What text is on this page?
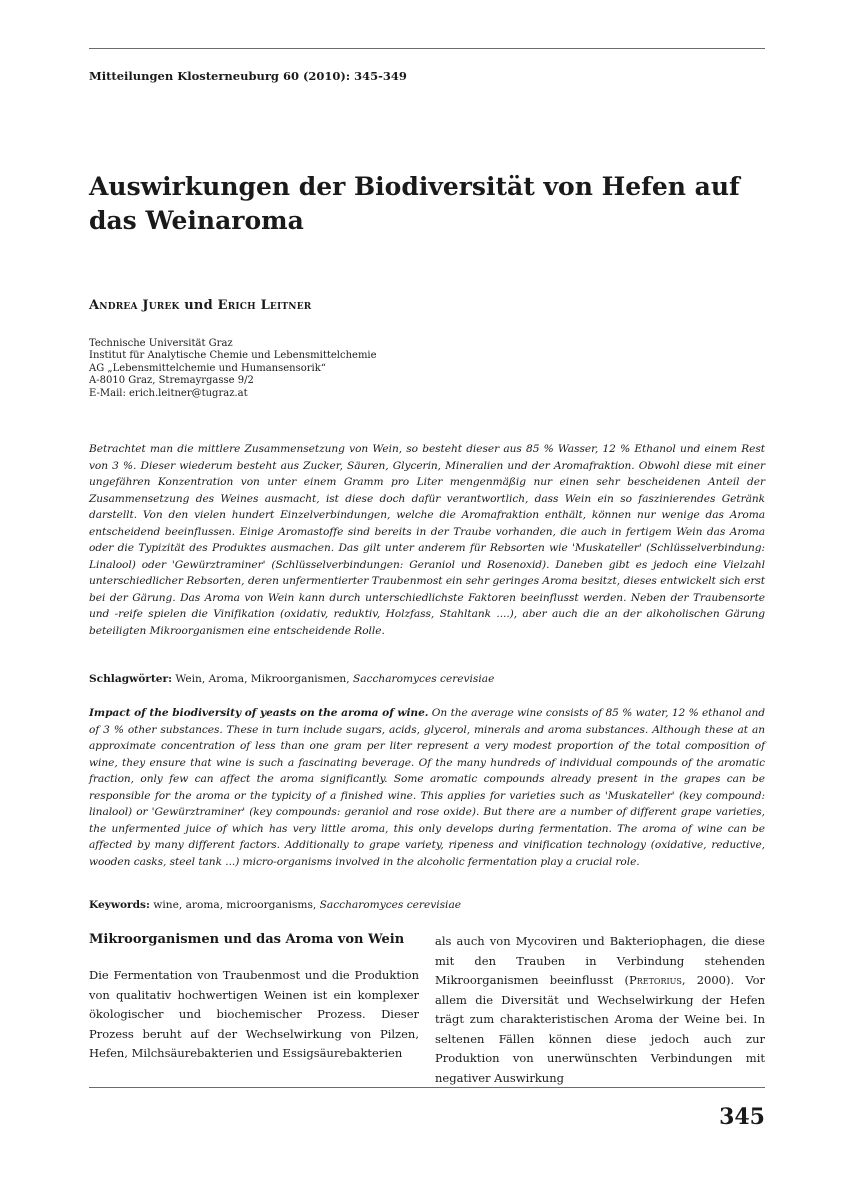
Mitteilungen Klosterneuburg 60 (2010): 345-349
Auswirkungen der Biodiversität von Hefen auf das Weinaroma
Andrea Jurek und Erich Leitner
Technische Universität Graz
Institut für Analytische Chemie und Lebensmittelchemie
AG „Lebensmittelchemie und Humansensorik“
A-8010 Graz, Stremayrgasse 9/2
E-Mail: erich.leitner@tugraz.at

Betrachtet man die mittlere Zusammensetzung von Wein, so besteht dieser aus 85 % Wasser, 12 % Ethanol und einem Rest von 3 %. Dieser wiederum besteht aus Zucker, Säuren, Glycerin, Mineralien und der Aromafraktion. Obwohl diese mit einer ungefähren Konzentration von unter einem Gramm pro Liter mengenmäßig nur einen sehr bescheidenen Anteil der Zusammensetzung des Weines ausmacht, ist diese doch dafür verantwortlich, dass Wein ein so faszinierendes Getränk darstellt. Von den vielen hundert Einzelverbindungen, welche die Aromafraktion enthält, können nur wenige das Aroma entscheidend beeinflussen. Einige Aromastoffe sind bereits in der Traube vorhanden, die auch in fertigem Wein das Aroma oder die Typizität des Produktes ausmachen. Das gilt unter anderem für Rebsorten wie 'Muskateller' (Schlüsselverbindung: Linalool) oder 'Gewürztraminer' (Schlüsselverbindungen: Geraniol und Rosenoxid). Daneben gibt es jedoch eine Vielzahl unterschiedlicher Rebsorten, deren unfermentierter Traubenmost ein sehr geringes Aroma besitzt, dieses entwickelt sich erst bei der Gärung. Das Aroma von Wein kann durch unterschiedlichste Faktoren beeinflusst werden. Neben der Traubensorte und -reife spielen die Vinifikation (oxidativ, reduktiv, Holzfass, Stahltank ....), aber auch die an der alkoholischen Gärung beteiligten Mikroorganismen eine entscheidende Rolle.

Schlagwörter: Wein, Aroma, Mikroorganismen, Saccharomyces cerevisiae

Impact of the biodiversity of yeasts on the aroma of wine. On the average wine consists of 85 % water, 12 % ethanol and of 3 % other substances. These in turn include sugars, acids, glycerol, minerals and aroma substances. Although these at an approximate concentration of less than one gram per liter represent a very modest proportion of the total composition of wine, they ensure that wine is such a fascinating beverage. Of the many hundreds of individual compounds of the aromatic fraction, only few can affect the aroma significantly. Some aromatic compounds already present in the grapes can be responsible for the aroma or the typicity of a finished wine. This applies for varieties such as 'Muskateller' (key compound: linalool) or 'Gewürztraminer' (key compounds: geraniol and rose oxide). But there are a number of different grape varieties, the unfermented juice of which has very little aroma, this only develops during fermentation. The aroma of wine can be affected by many different factors. Additionally to grape variety, ripeness and vinification technology (oxidative, reductive, wooden casks, steel tank ...) micro-organisms involved in the alcoholic fermentation play a crucial role.

Keywords: wine, aroma, microorganisms, Saccharomyces cerevisiae
Mikroorganismen und das Aroma von Wein

Die Fermentation von Traubenmost und die Produktion von qualitativ hochwertigen Weinen ist ein komplexer ökologischer und biochemischer Prozess. Dieser Prozess beruht auf der Wechselwirkung von Pilzen, Hefen, Milchsäurebakterien und Essigsäurebakterien

als auch von Mycoviren und Bakteriophagen, die diese mit den Trauben in Verbindung stehenden Mikroorganismen beeinflusst (Pretorius, 2000). Vor allem die Diversität und Wechselwirkung der Hefen trägt zum charakteristischen Aroma der Weine bei. In seltenen Fällen können diese jedoch auch zur Produktion von unerwünschten Verbindungen mit negativer Auswirkung

345
